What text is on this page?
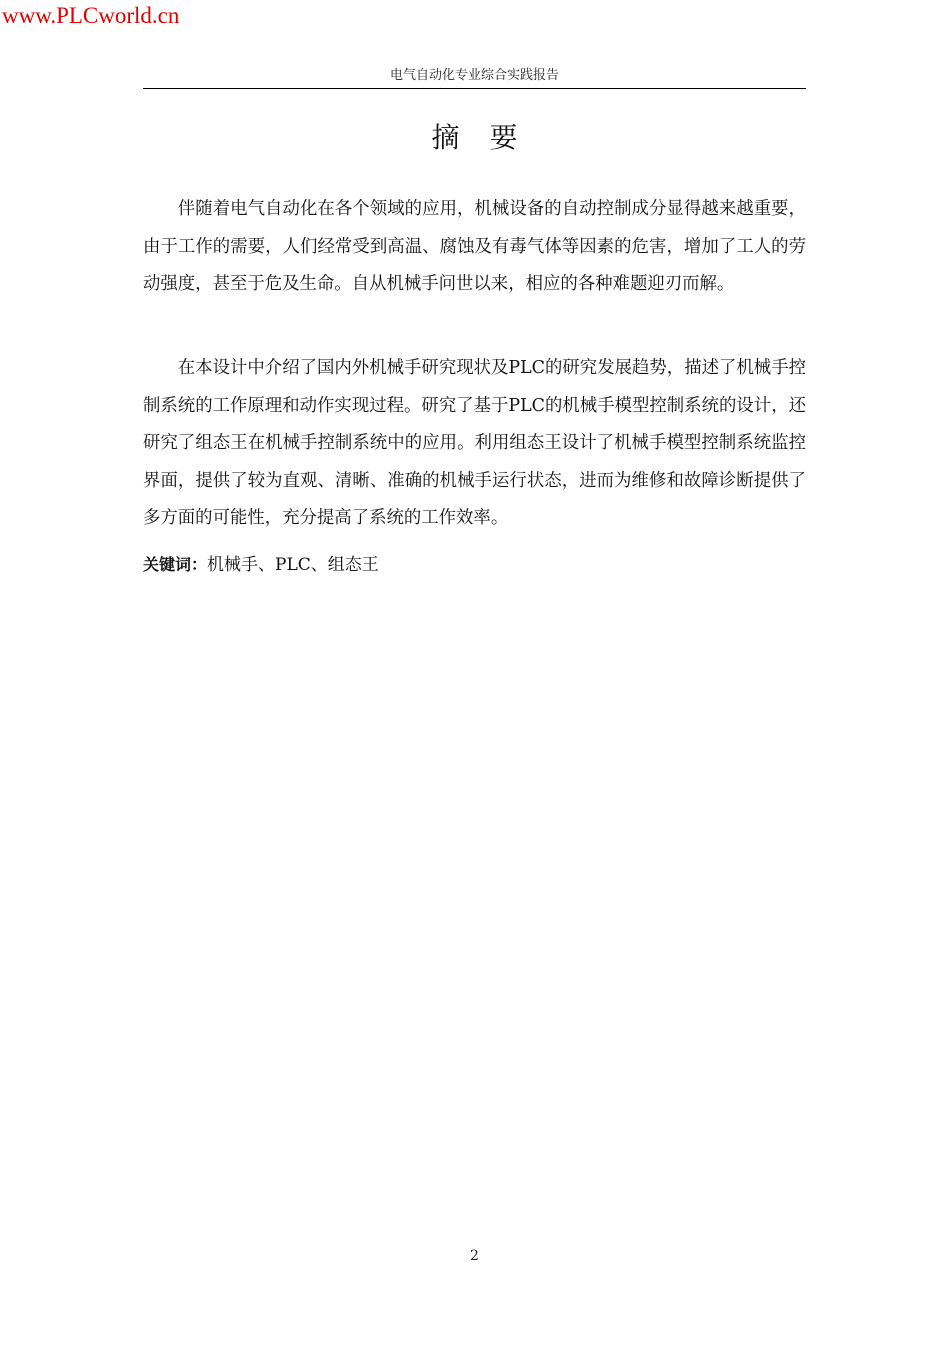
www.PLCworld.cn
电气自动化专业综合实践报告
摘要

伴随着电气自动化在各个领域的应用，机械设备的自动控制成分显得越来越重要，由于工作的需要，人们经常受到高温、腐蚀及有毒气体等因素的危害，增加了工人的劳动强度，甚至于危及生命。自从机械手问世以来，相应的各种难题迎刃而解。

在本设计中介绍了国内外机械手研究现状及PLC的研究发展趋势，描述了机械手控制系统的工作原理和动作实现过程。研究了基于PLC的机械手模型控制系统的设计，还研究了组态王在机械手控制系统中的应用。利用组态王设计了机械手模型控制系统监控界面，提供了较为直观、清晰、准确的机械手运行状态，进而为维修和故障诊断提供了多方面的可能性，充分提高了系统的工作效率。

关键词：机械手、PLC、组态王
2
